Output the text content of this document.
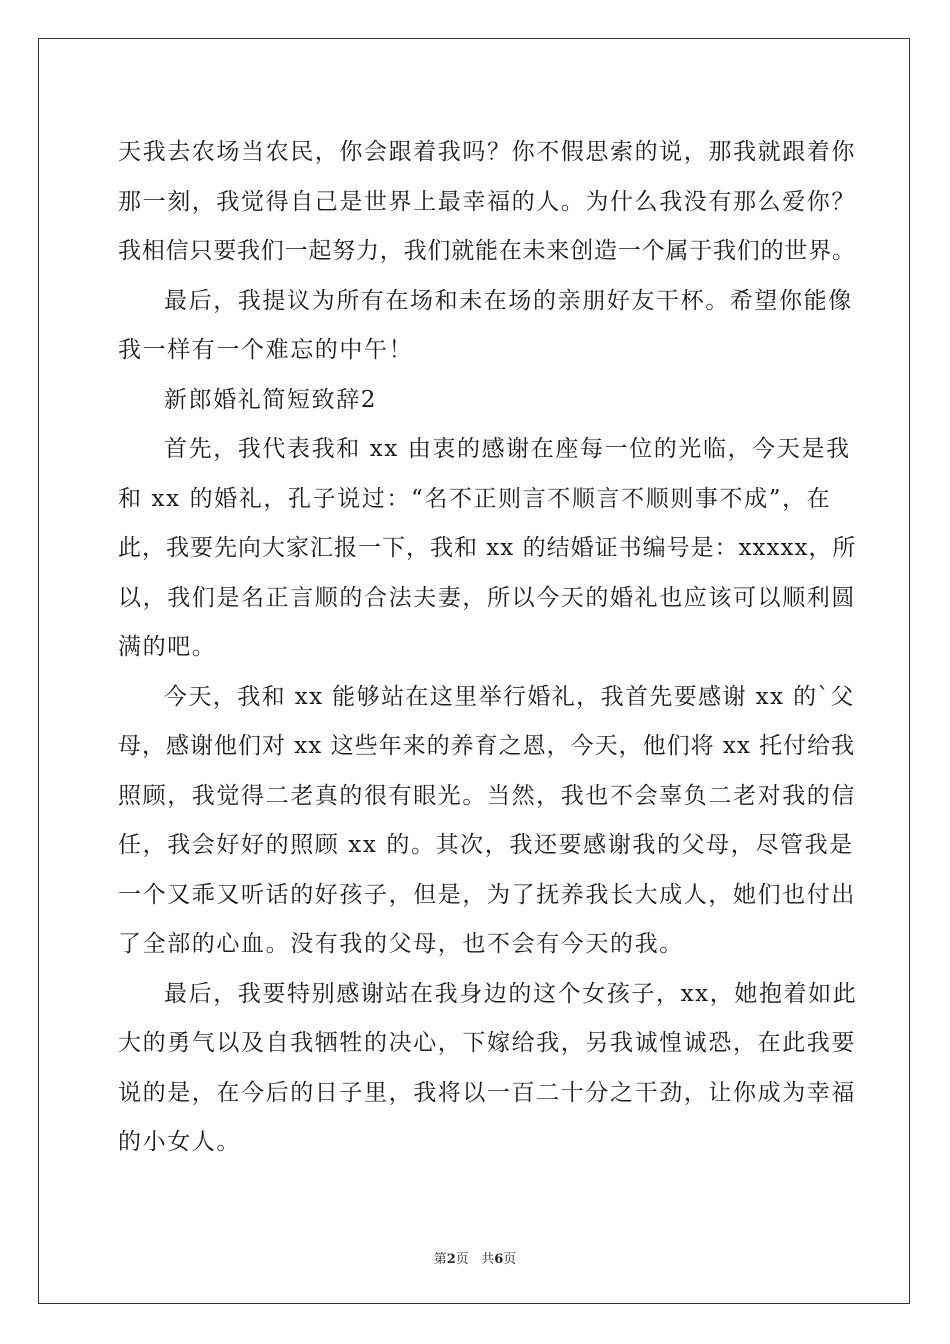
天我去农场当农民，你会跟着我吗？你不假思索的说，那我就跟着你
那一刻，我觉得自己是世界上最幸福的人。为什么我没有那么爱你？
我相信只要我们一起努力，我们就能在未来创造一个属于我们的世界。
最后，我提议为所有在场和未在场的亲朋好友干杯。希望你能像
我一样有一个难忘的中午！
新郎婚礼简短致辞2
首先，我代表我和 xx 由衷的感谢在座每一位的光临，今天是我
和 xx 的婚礼，孔子说过：“名不正则言不顺言不顺则事不成”，在
此，我要先向大家汇报一下，我和 xx 的结婚证书编号是：xxxxx，所
以，我们是名正言顺的合法夫妻，所以今天的婚礼也应该可以顺利圆
满的吧。
今天，我和 xx 能够站在这里举行婚礼，我首先要感谢 xx 的`父
母，感谢他们对 xx 这些年来的养育之恩，今天，他们将 xx 托付给我
照顾，我觉得二老真的很有眼光。当然，我也不会辜负二老对我的信
任，我会好好的照顾 xx 的。其次，我还要感谢我的父母，尽管我是
一个又乖又听话的好孩子，但是，为了抚养我长大成人，她们也付出
了全部的心血。没有我的父母，也不会有今天的我。
最后，我要特别感谢站在我身边的这个女孩子，xx，她抱着如此
大的勇气以及自我牺牲的决心，下嫁给我，另我诚惶诚恐，在此我要
说的是，在今后的日子里，我将以一百二十分之干劲，让你成为幸福
的小女人。
第2页 共6页
